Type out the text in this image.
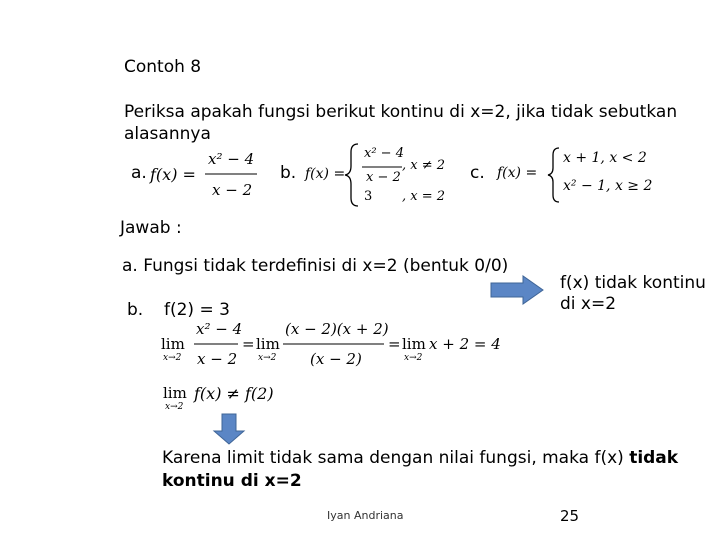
Contoh 8
Periksa apakah fungsi berikut kontinu di x=2, jika tidak sebutkan
alasannya
a.	b.	c.
f(x) =
x² − 4
x − 2
f(x) =
x² − 4
x − 2
, x ≠ 2
3 , x = 2
f(x) =
x + 1, x < 2
x² − 1, x ≥ 2
Jawab :
a. Fungsi tidak terdefinisi di x=2 (bentuk 0/0)
b. f(2) = 3
f(x) tidak kontinu
di x=2
lim
x→2
x² − 4
x − 2
= lim
x→2
(x − 2)(x + 2)
(x − 2)
= lim
x→2
x + 2 = 4
lim
x→2
f(x) ≠ f(2)
Karena limit tidak sama dengan nilai fungsi, maka f(x) tidak
kontinu di x=2
Iyan Andriana	25
